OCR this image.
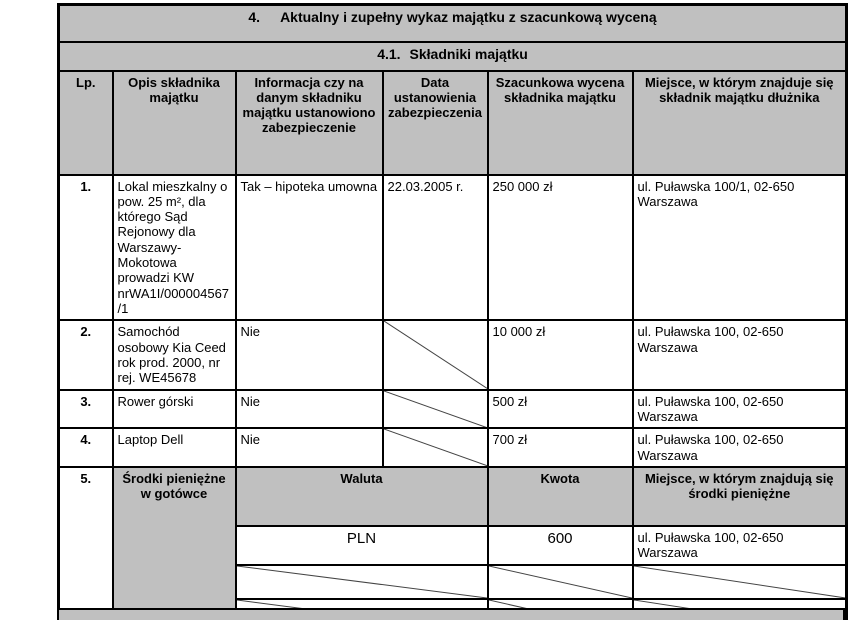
4. Aktualny i zupełny wykaz majątku z szacunkową wyceną					

4.1. Składniki majątku					

Lp.	Opis składnika majątku	Informacja czy na danym składniku majątku ustanowiono zabezpieczenie	Data ustanowienia zabezpieczenia	Szacunkowa wycena składnika majątku	Miejsce, w którym znajduje się składnik majątku dłużnika
1.	Lokal mieszkalny o pow. 25 m², dla którego Sąd Rejonowy dla Warszawy-Mokotowa prowadzi KW nrWA1I/000004567/1	Tak – hipoteka umowna	22.03.2005 r.	250 000 zł	ul. Puławska 100/1, 02-650 Warszawa
2.	Samochód osobowy Kia Ceed rok prod. 2000, nr rej. WE45678	Nie		10 000 zł	ul. Puławska 100, 02-650 Warszawa
3.	Rower górski	Nie		500 zł	ul. Puławska 100, 02-650 Warszawa
4.	Laptop Dell	Nie		700 zł	ul. Puławska 100, 02-650 Warszawa
5.	Środki pieniężne w gotówce	Waluta		Kwota	Miejsce, w którym znajdują się środki pieniężne
		PLN		600	ul. Puławska 100, 02-650 Warszawa
